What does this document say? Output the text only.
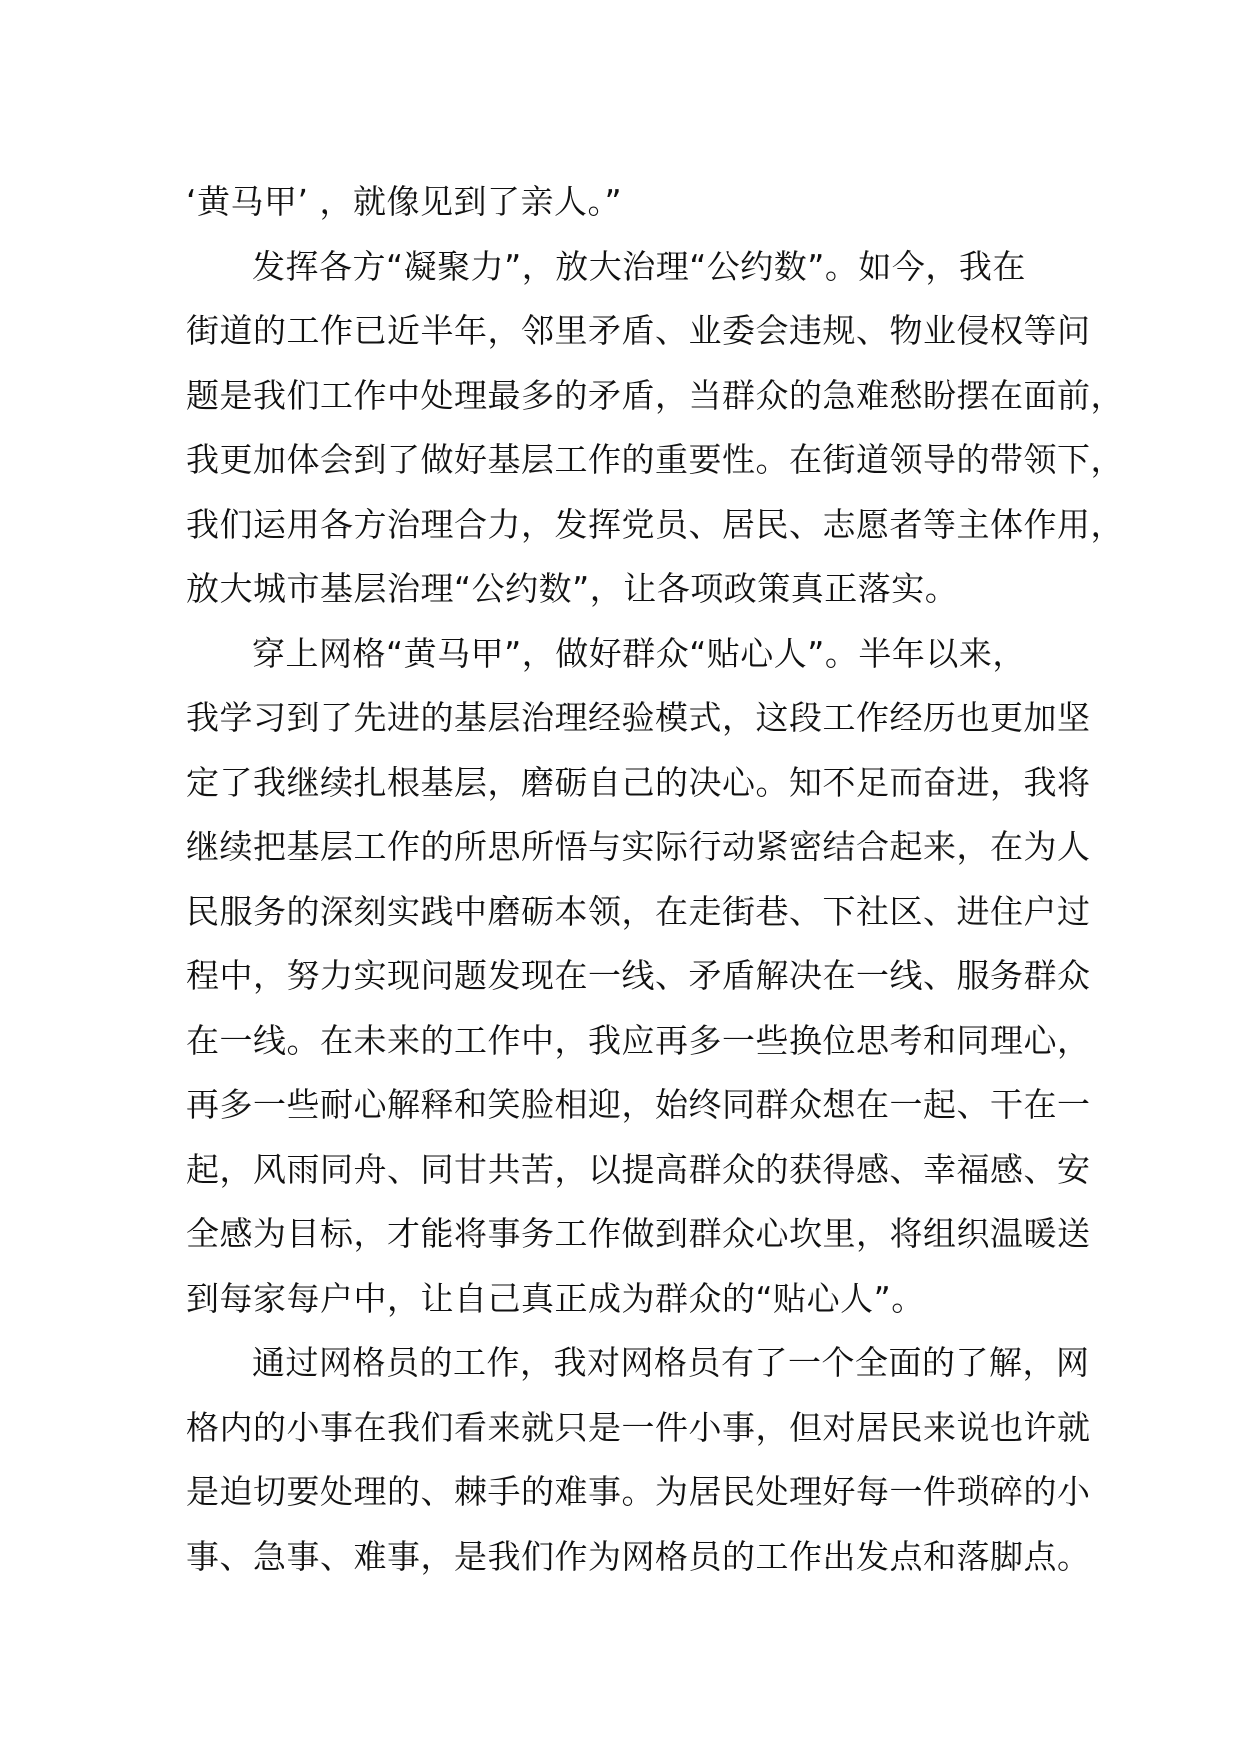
‘黄马甲’ ，就像见到了亲人。”
发挥各方“凝聚力”，放大治理“公约数”。如今，我在
街道的工作已近半年，邻里矛盾、业委会违规、物业侵权等问
题是我们工作中处理最多的矛盾，当群众的急难愁盼摆在面前，
我更加体会到了做好基层工作的重要性。在街道领导的带领下，
我们运用各方治理合力，发挥党员、居民、志愿者等主体作用，
放大城市基层治理“公约数”，让各项政策真正落实。
穿上网格“黄马甲”，做好群众“贴心人”。半年以来，
我学习到了先进的基层治理经验模式，这段工作经历也更加坚
定了我继续扎根基层，磨砺自己的决心。知不足而奋进，我将
继续把基层工作的所思所悟与实际行动紧密结合起来，在为人
民服务的深刻实践中磨砺本领，在走街巷、下社区、进住户过
程中，努力实现问题发现在一线、矛盾解决在一线、服务群众
在一线。在未来的工作中，我应再多一些换位思考和同理心，
再多一些耐心解释和笑脸相迎，始终同群众想在一起、干在一
起，风雨同舟、同甘共苦，以提高群众的获得感、幸福感、安
全感为目标，才能将事务工作做到群众心坎里，将组织温暖送
到每家每户中，让自己真正成为群众的“贴心人”。
通过网格员的工作，我对网格员有了一个全面的了解，网
格内的小事在我们看来就只是一件小事，但对居民来说也许就
是迫切要处理的、棘手的难事。为居民处理好每一件琐碎的小
事、急事、难事，是我们作为网格员的工作出发点和落脚点。
